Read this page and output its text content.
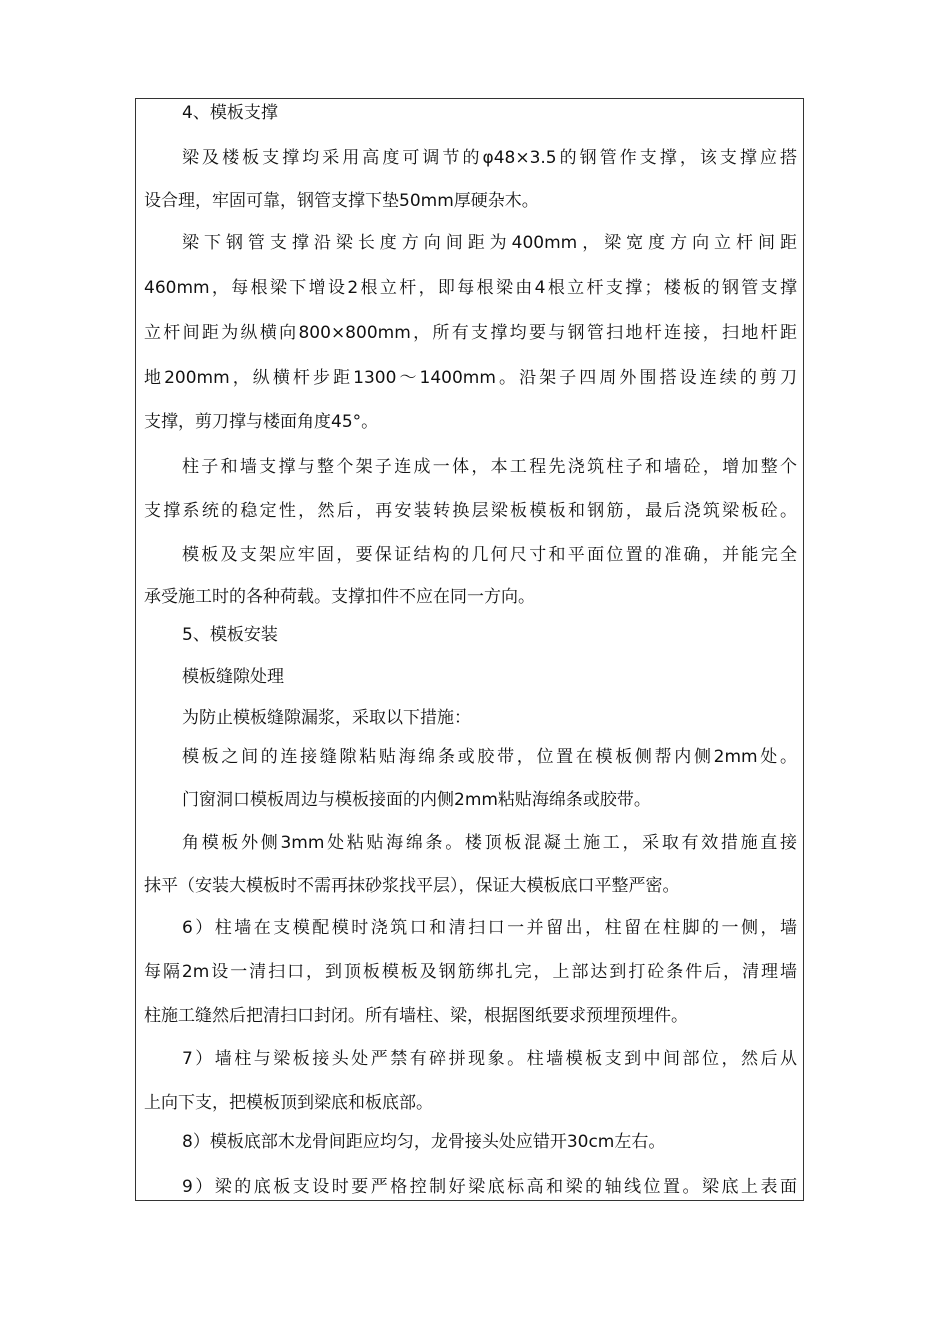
4、模板支撑
梁及楼板支撑均采用高度可调节的φ48×3.5的钢管作支撑，该支撑应搭
设合理，牢固可靠，钢管支撑下垫50mm厚硬杂木。
梁下钢管支撑沿梁长度方向间距为400mm，梁宽度方向立杆间距
460mm，每根梁下增设2根立杆，即每根梁由4根立杆支撑；楼板的钢管支撑
立杆间距为纵横向800×800mm，所有支撑均要与钢管扫地杆连接，扫地杆距
地200mm，纵横杆步距1300～1400mm。沿架子四周外围搭设连续的剪刀
支撑，剪刀撑与楼面角度45°。
柱子和墙支撑与整个架子连成一体，本工程先浇筑柱子和墙砼，增加整个
支撑系统的稳定性，然后，再安装转换层梁板模板和钢筋，最后浇筑梁板砼。
模板及支架应牢固，要保证结构的几何尺寸和平面位置的准确，并能完全
承受施工时的各种荷载。支撑扣件不应在同一方向。
5、模板安装
模板缝隙处理
为防止模板缝隙漏浆，采取以下措施：
模板之间的连接缝隙粘贴海绵条或胶带，位置在模板侧帮内侧2mm处。
门窗洞口模板周边与模板接面的内侧2mm粘贴海绵条或胶带。
角模板外侧3mm处粘贴海绵条。楼顶板混凝土施工，采取有效措施直接
抹平（安装大模板时不需再抹砂浆找平层），保证大模板底口平整严密。
6）柱墙在支模配模时浇筑口和清扫口一并留出，柱留在柱脚的一侧，墙
每隔2m设一清扫口，到顶板模板及钢筋绑扎完，上部达到打砼条件后，清理墙
柱施工缝然后把清扫口封闭。所有墙柱、梁，根据图纸要求预埋预埋件。
7）墙柱与梁板接头处严禁有碎拼现象。柱墙模板支到中间部位，然后从
上向下支，把模板顶到梁底和板底部。
8）模板底部木龙骨间距应均匀，龙骨接头处应错开30cm左右。
9）梁的底板支设时要严格控制好梁底标高和梁的轴线位置。梁底上表面
